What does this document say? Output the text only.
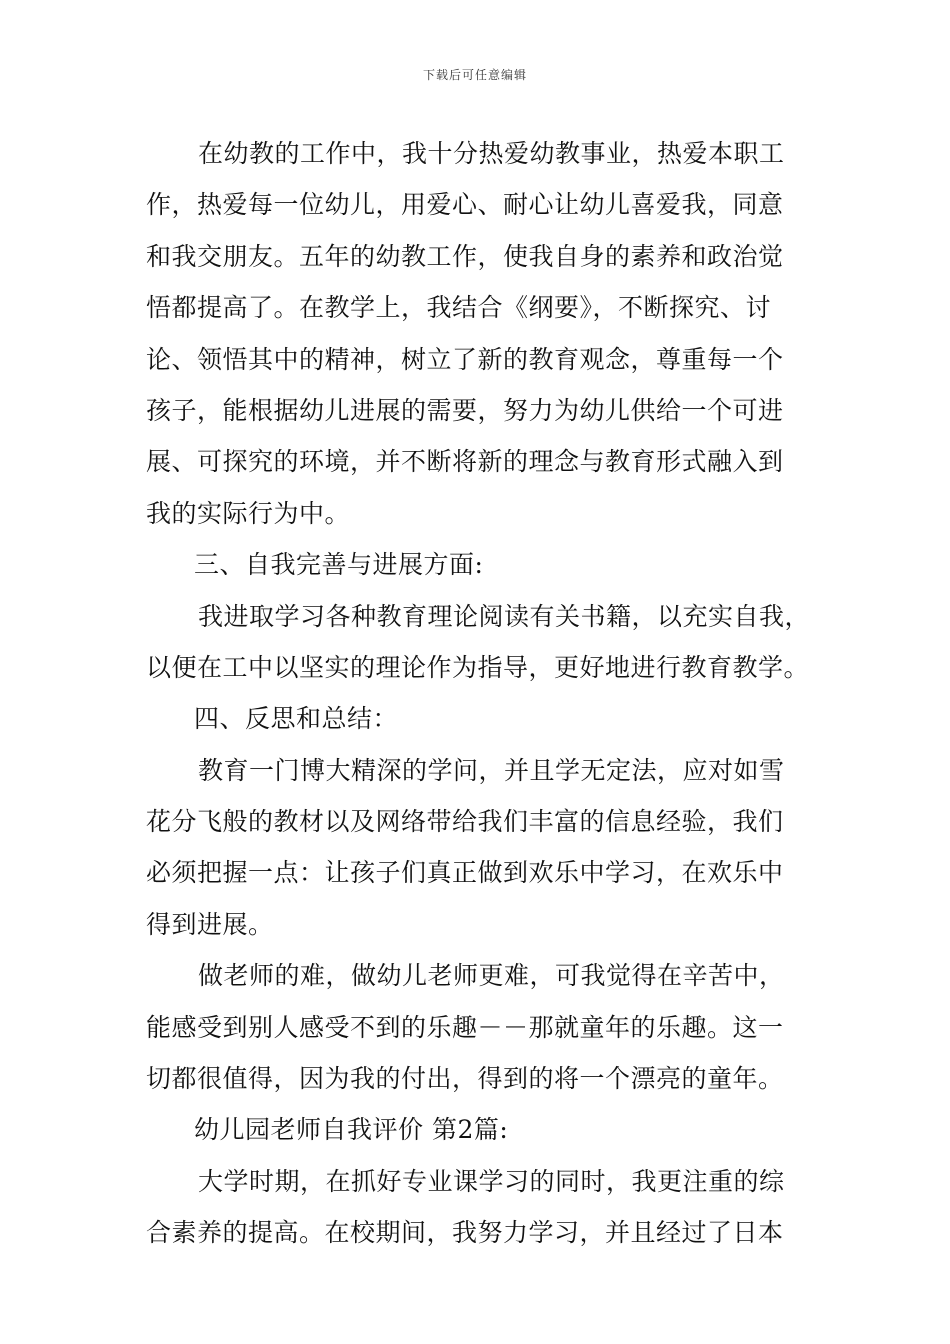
下载后可任意编辑
在幼教的工作中，我十分热爱幼教事业，热爱本职工
作，热爱每一位幼儿，用爱心、耐心让幼儿喜爱我，同意
和我交朋友。五年的幼教工作，使我自身的素养和政治觉
悟都提高了。在教学上，我结合《纲要》，不断探究、讨
论、领悟其中的精神，树立了新的教育观念，尊重每一个
孩子，能根据幼儿进展的需要，努力为幼儿供给一个可进
展、可探究的环境，并不断将新的理念与教育形式融入到
我的实际行为中。
三、自我完善与进展方面:
我进取学习各种教育理论阅读有关书籍，以充实自我，
以便在工中以坚实的理论作为指导，更好地进行教育教学。
四、反思和总结：
教育一门博大精深的学问，并且学无定法，应对如雪
花分飞般的教材以及网络带给我们丰富的信息经验，我们
必须把握一点：让孩子们真正做到欢乐中学习，在欢乐中
得到进展。
做老师的难，做幼儿老师更难，可我觉得在辛苦中，
能感受到别人感受不到的乐趣－－那就童年的乐趣。这一
切都很值得，因为我的付出，得到的将一个漂亮的童年。
幼儿园老师自我评价 第2篇:
大学时期，在抓好专业课学习的同时，我更注重的综
合素养的提高。在校期间，我努力学习，并且经过了日本
